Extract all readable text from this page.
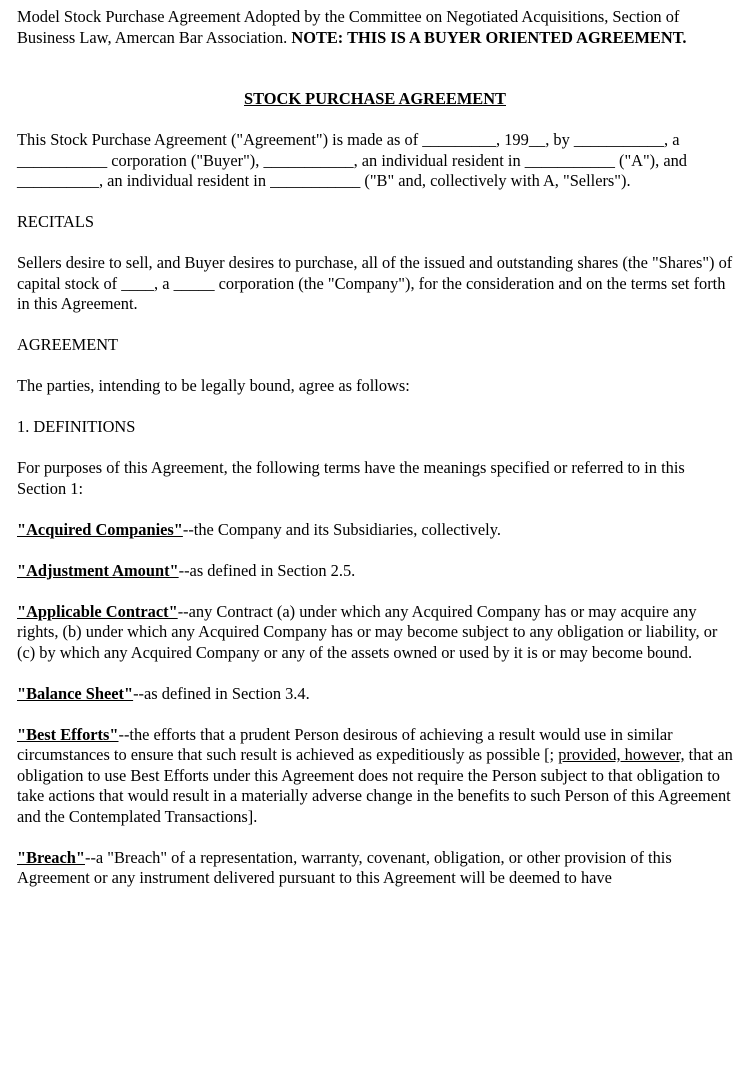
Model Stock Purchase Agreement Adopted by the Committee on Negotiated Acquisitions, Section of Business Law, Amercan Bar Association. NOTE: THIS IS A BUYER ORIENTED AGREEMENT.

STOCK PURCHASE AGREEMENT

This Stock Purchase Agreement ("Agreement") is made as of _________, 199__, by ___________, a ___________ corporation ("Buyer"), ___________, an individual resident in ___________ ("A"), and __________, an individual resident in ___________ ("B" and, collectively with A, "Sellers").

RECITALS

Sellers desire to sell, and Buyer desires to purchase, all of the issued and outstanding shares (the "Shares") of capital stock of ____, a _____ corporation (the "Company"), for the consideration and on the terms set forth in this Agreement.

AGREEMENT

The parties, intending to be legally bound, agree as follows:

1. DEFINITIONS

For purposes of this Agreement, the following terms have the meanings specified or referred to in this Section 1:

"Acquired Companies"--the Company and its Subsidiaries, collectively.

"Adjustment Amount"--as defined in Section 2.5.

"Applicable Contract"--any Contract (a) under which any Acquired Company has or may acquire any rights, (b) under which any Acquired Company has or may become subject to any obligation or liability, or (c) by which any Acquired Company or any of the assets owned or used by it is or may become bound.

"Balance Sheet"--as defined in Section 3.4.

"Best Efforts"--the efforts that a prudent Person desirous of achieving a result would use in similar circumstances to ensure that such result is achieved as expeditiously as possible [; provided, however, that an obligation to use Best Efforts under this Agreement does not require the Person subject to that obligation to take actions that would result in a materially adverse change in the benefits to such Person of this Agreement and the Contemplated Transactions].

"Breach"--a "Breach" of a representation, warranty, covenant, obligation, or other provision of this Agreement or any instrument delivered pursuant to this Agreement will be deemed to have
